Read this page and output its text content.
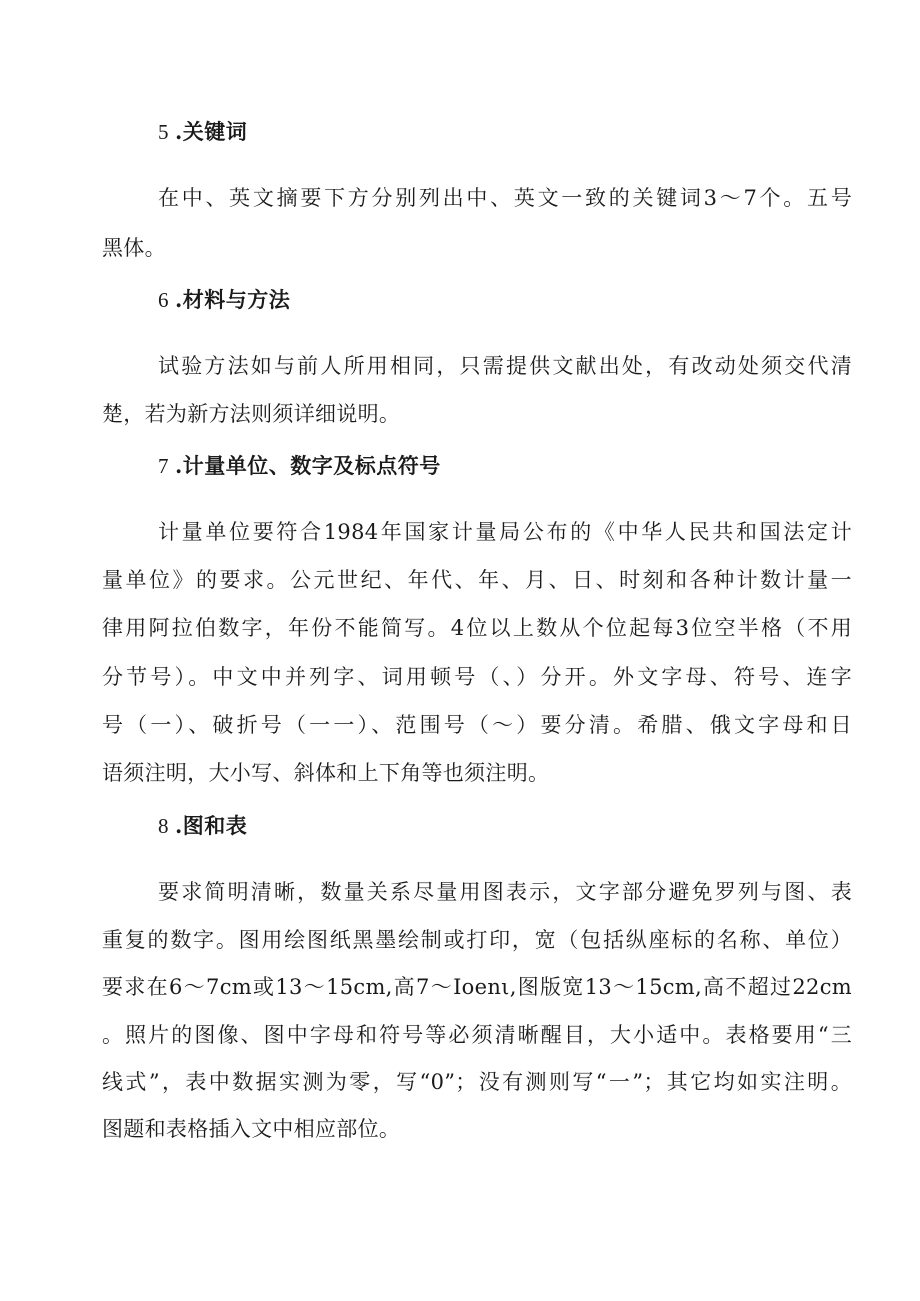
5 .关键词
在中、英文摘要下方分别列出中、英文一致的关键词3～7个。五号
黑体。
6 .材料与方法
试验方法如与前人所用相同，只需提供文献出处，有改动处须交代清
楚，若为新方法则须详细说明。
7 .计量单位、数字及标点符号
计量单位要符合1984年国家计量局公布的《中华人民共和国法定计
量单位》的要求。公元世纪、年代、年、月、日、时刻和各种计数计量一
律用阿拉伯数字，年份不能简写。4位以上数从个位起每3位空半格（不用
分节号）。中文中并列字、词用顿号（、）分开。外文字母、符号、连字
号（一）、破折号（一一）、范围号（～）要分清。希腊、俄文字母和日
语须注明，大小写、斜体和上下角等也须注明。
8 .图和表
要求简明清晰，数量关系尽量用图表示，文字部分避免罗列与图、表
重复的数字。图用绘图纸黑墨绘制或打印，宽（包括纵座标的名称、单位）
要求在6～7cm或13～15cm,高7～Ioenι,图版宽13～15cm,高不超过22cm
。照片的图像、图中字母和符号等必须清晰醒目，大小适中。表格要用“三
线式”，表中数据实测为零，写“0”；没有测则写“一”；其它均如实注明。
图题和表格插入文中相应部位。
